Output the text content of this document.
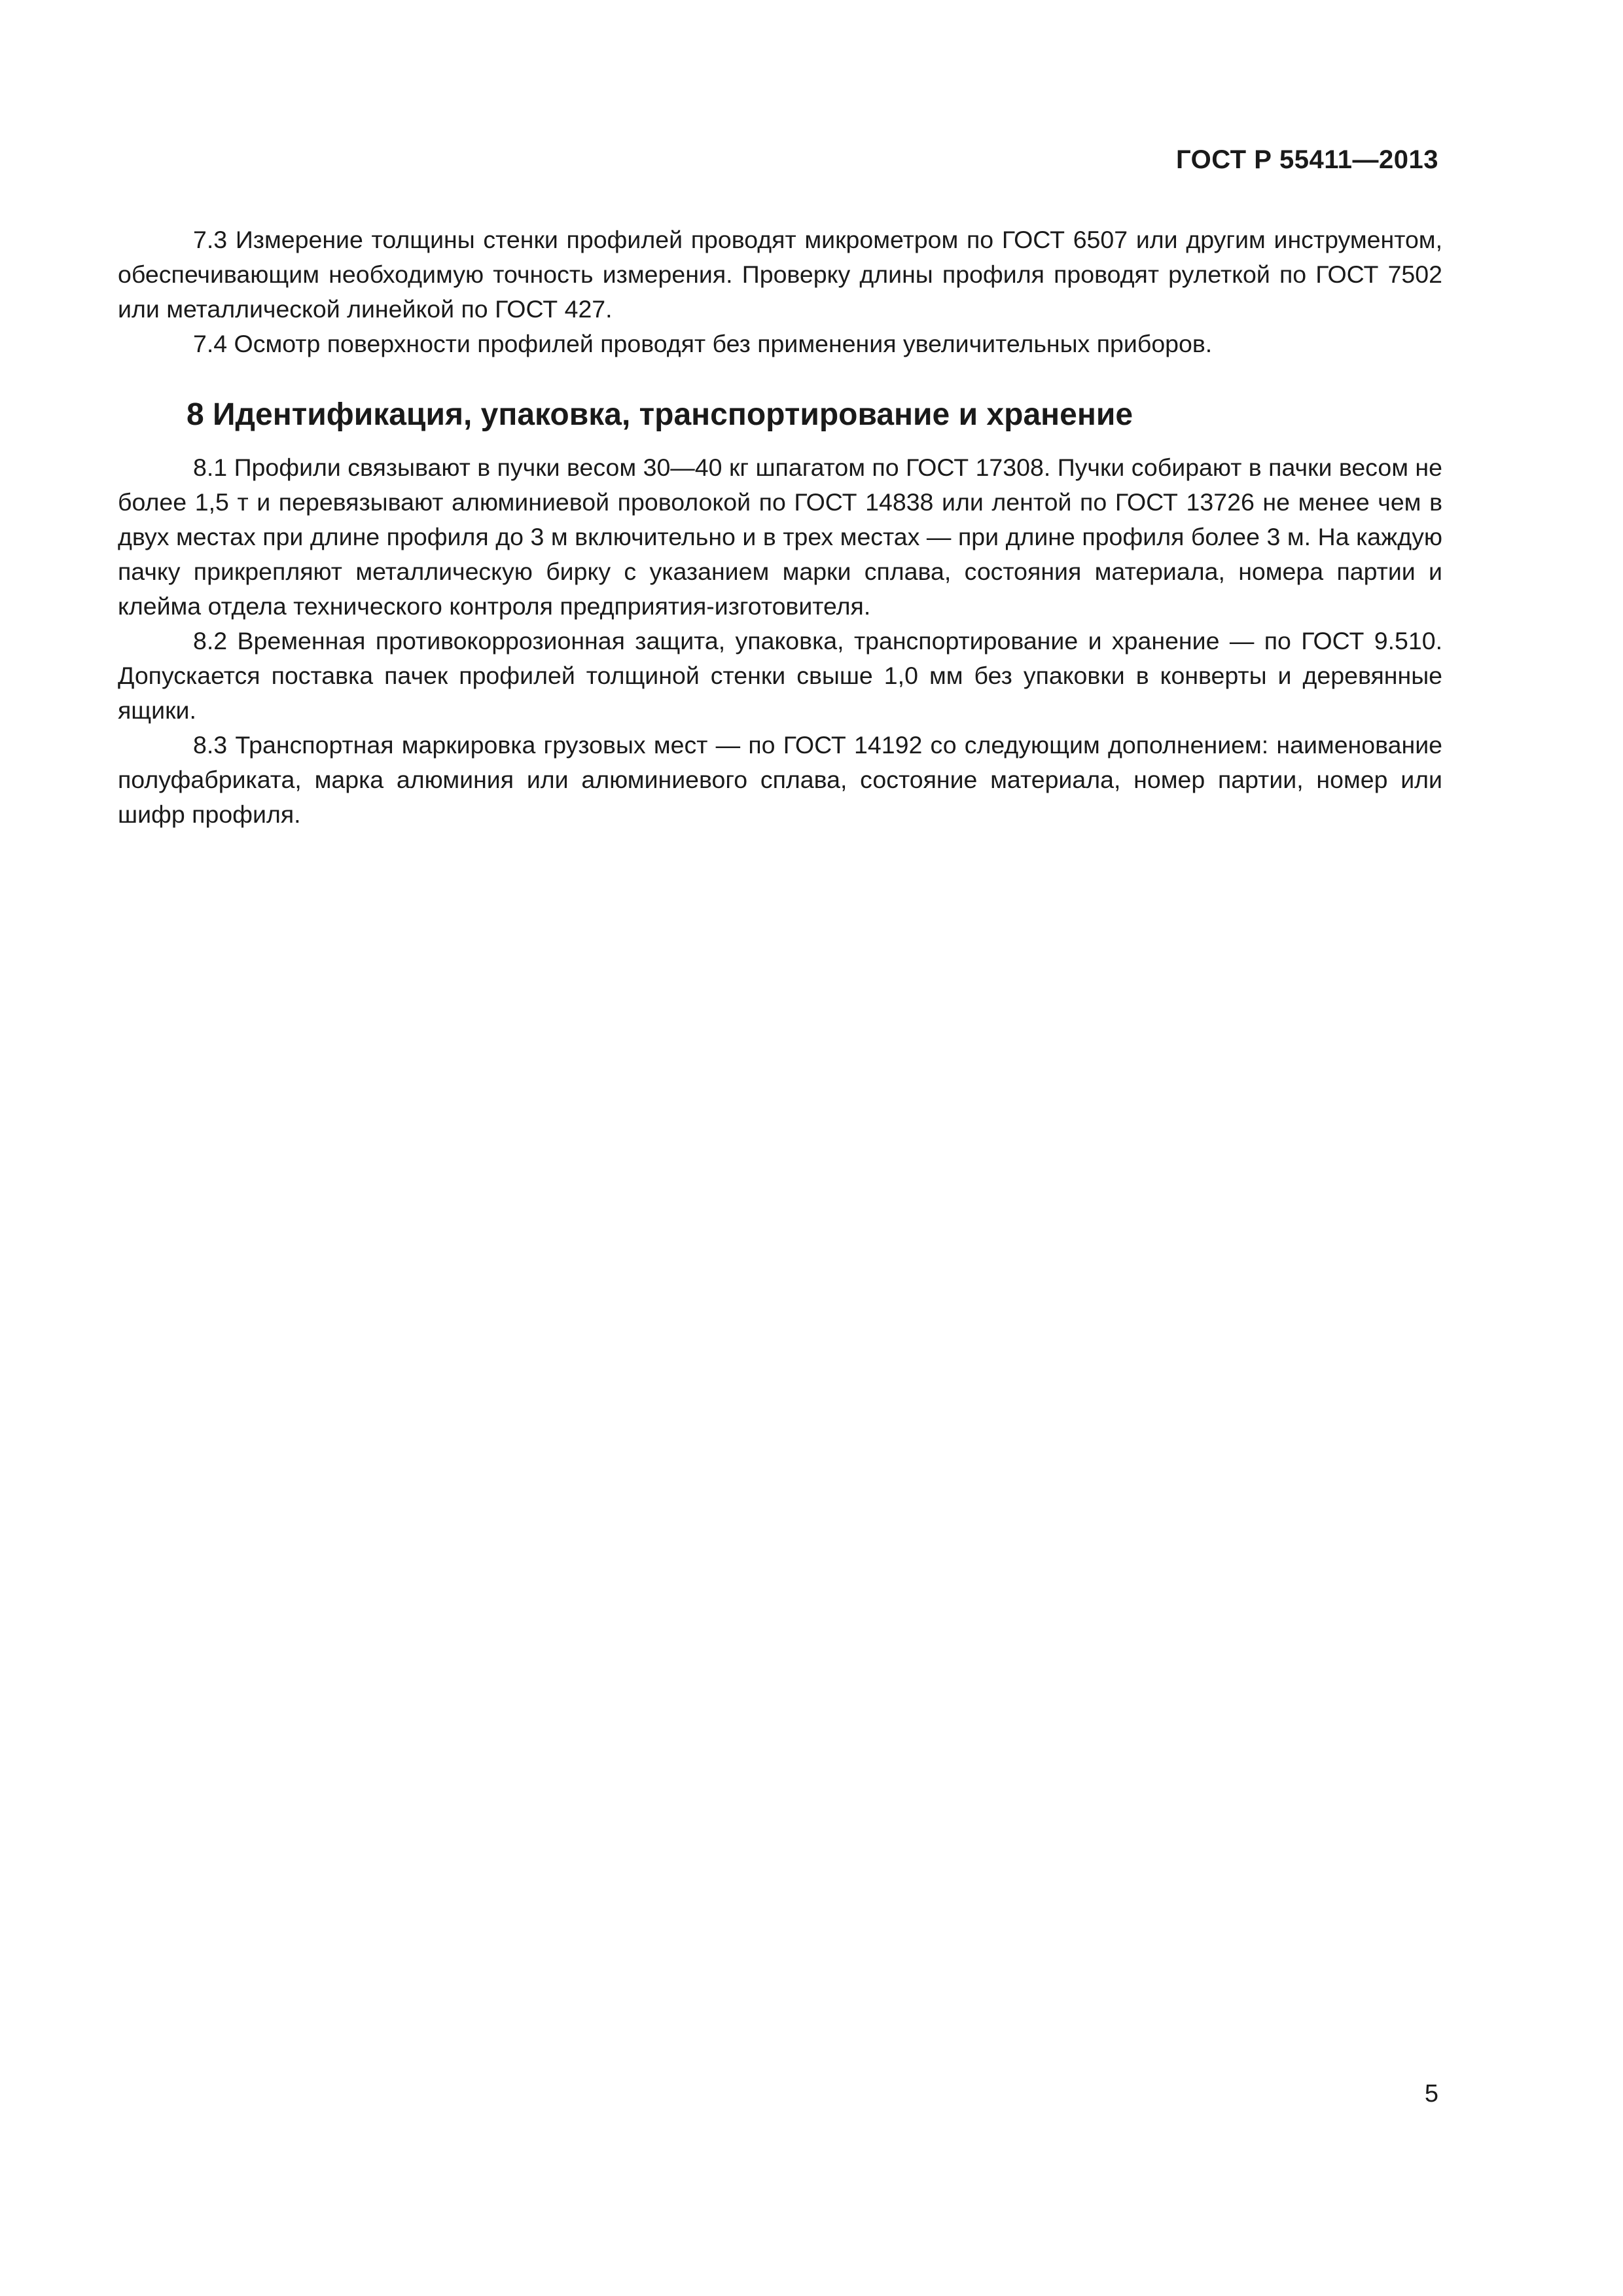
ГОСТ Р 55411—2013

7.3 Измерение толщины стенки профилей проводят микрометром по ГОСТ 6507 или другим инструментом, обеспечивающим необходимую точность измерения. Проверку длины профиля проводят рулеткой по ГОСТ 7502 или металлической линейкой по ГОСТ 427.

7.4 Осмотр поверхности профилей проводят без применения увеличительных приборов.

8 Идентификация, упаковка, транспортирование и хранение

8.1 Профили связывают в пучки весом 30—40 кг шпагатом по ГОСТ 17308. Пучки собирают в пачки весом не более 1,5 т и перевязывают алюминиевой проволокой по ГОСТ 14838 или лентой по ГОСТ 13726 не менее чем в двух местах при длине профиля до 3 м включительно и в трех местах — при длине профиля более 3 м. На каждую пачку прикрепляют металлическую бирку с указанием марки сплава, состояния материала, номера партии и клейма отдела технического контроля предприятия-изготовителя.

8.2 Временная противокоррозионная защита, упаковка, транспортирование и хранение — по ГОСТ 9.510. Допускается поставка пачек профилей толщиной стенки свыше 1,0 мм без упаковки в конверты и деревянные ящики.

8.3 Транспортная маркировка грузовых мест — по ГОСТ 14192 со следующим дополнением: наименование полуфабриката, марка алюминия или алюминиевого сплава, состояние материала, номер партии, номер или шифр профиля.

5
